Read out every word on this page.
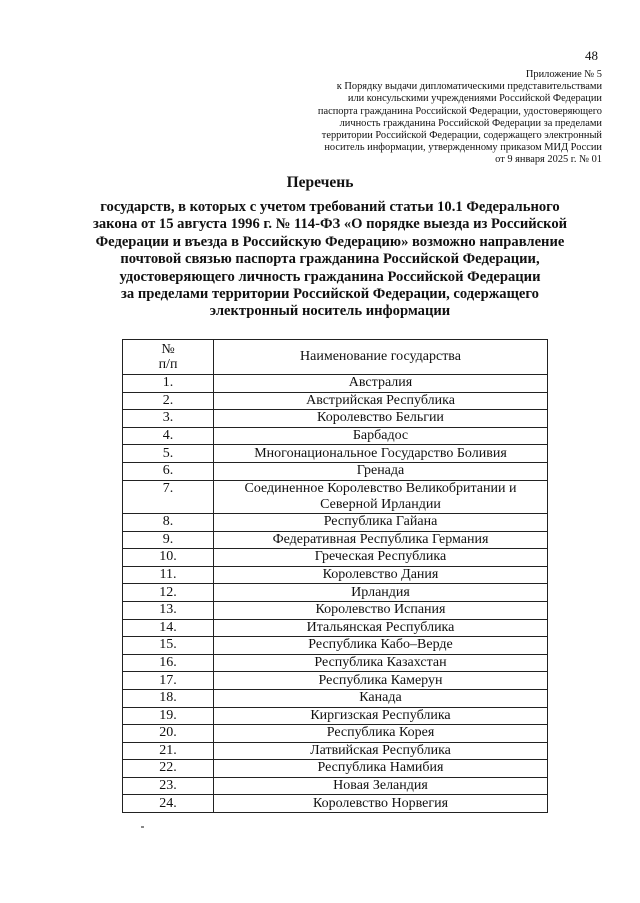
48
Приложение № 5
к Порядку выдачи дипломатическими представительствами
или консульскими учреждениями Российской Федерации
паспорта гражданина Российской Федерации, удостоверяющего
личность гражданина Российской Федерации за пределами
территории Российской Федерации, содержащего электронный
носитель информации, утвержденному приказом МИД России
от 9 января 2025 г. № 01
Перечень
государств, в которых с учетом требований статьи 10.1 Федерального
закона от 15 августа 1996 г. № 114-ФЗ «О порядке выезда из Российской
Федерации и въезда в Российскую Федерацию» возможно направление
почтовой связью паспорта гражданина Российской Федерации,
удостоверяющего личность гражданина Российской Федерации
за пределами территории Российской Федерации, содержащего
электронный носитель информации
№
п/п	Наименование государства
1.	Австралия
2.	Австрийская Республика
3.	Королевство Бельгии
4.	Барбадос
5.	Многонациональное Государство Боливия
6.	Гренада
7.	Соединенное Королевство Великобритании и
Северной Ирландии

8.	Республика Гайана
9.	Федеративная Республика Германия
10.	Греческая Республика
11.	Королевство Дания
12.	Ирландия
13.	Королевство Испания
14.	Итальянская Республика
15.	Республика Кабо–Верде
16.	Республика Казахстан
17.	Республика Камерун
18.	Канада
19.	Киргизская Республика
20.	Республика Корея
21.	Латвийская Республика
22.	Республика Намибия
23.	Новая Зеландия
24.	Королевство Норвегия
